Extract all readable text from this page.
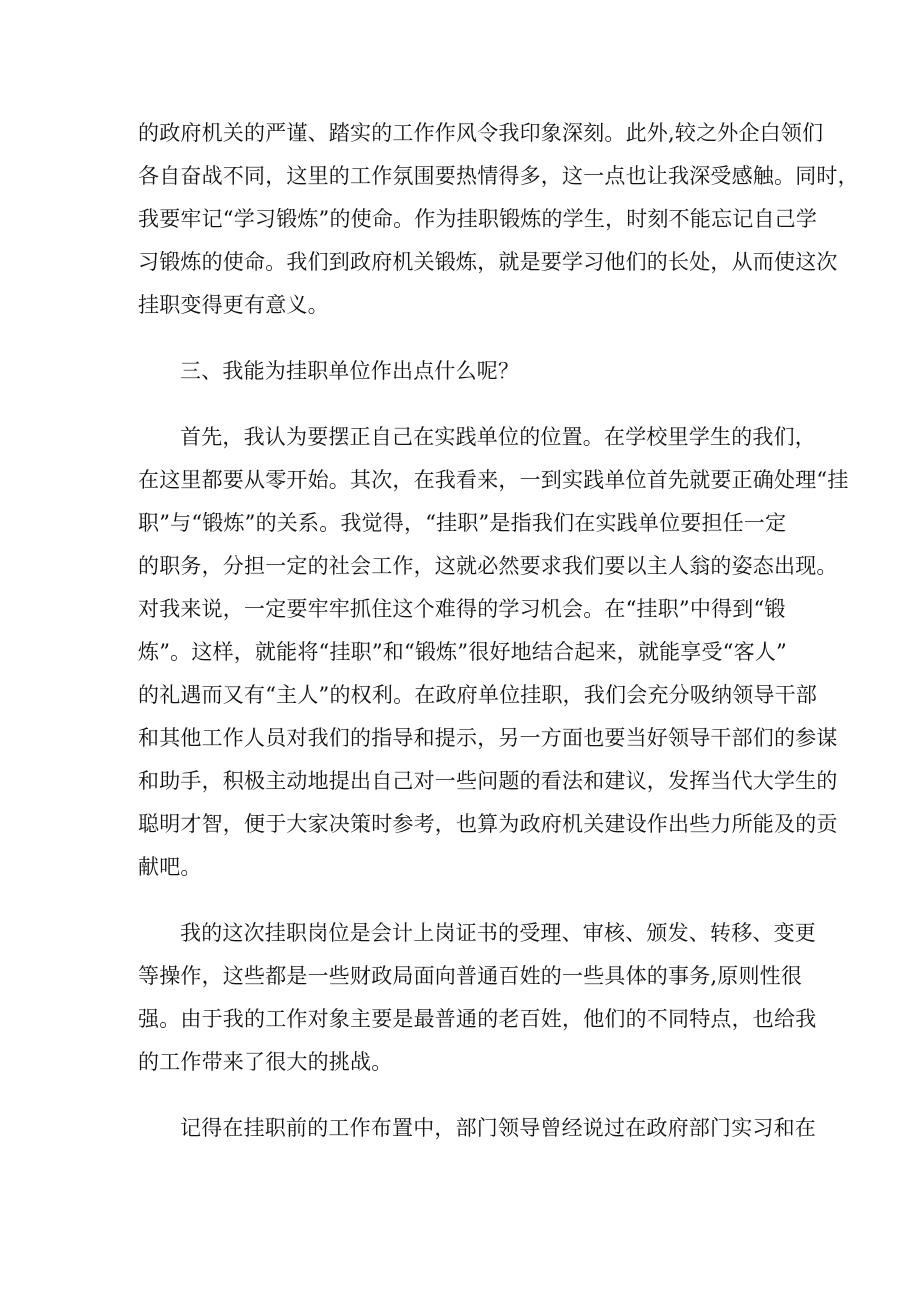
的政府机关的严谨、踏实的工作作风令我印象深刻。此外,较之外企白领们
各自奋战不同，这里的工作氛围要热情得多，这一点也让我深受感触。同时，
我要牢记“学习锻炼”的使命。作为挂职锻炼的学生，时刻不能忘记自己学
习锻炼的使命。我们到政府机关锻炼，就是要学习他们的长处，从而使这次
挂职变得更有意义。
三、我能为挂职单位作出点什么呢？
首先，我认为要摆正自己在实践单位的位置。在学校里学生的我们，
在这里都要从零开始。其次，在我看来，一到实践单位首先就要正确处理“挂
职”与“锻炼”的关系。我觉得，“挂职”是指我们在实践单位要担任一定
的职务，分担一定的社会工作，这就必然要求我们要以主人翁的姿态出现。
对我来说，一定要牢牢抓住这个难得的学习机会。在“挂职”中得到“锻
炼”。这样，就能将“挂职”和“锻炼”很好地结合起来，就能享受“客人”
的礼遇而又有“主人”的权利。在政府单位挂职，我们会充分吸纳领导干部
和其他工作人员对我们的指导和提示，另一方面也要当好领导干部们的参谋
和助手，积极主动地提出自己对一些问题的看法和建议，发挥当代大学生的
聪明才智，便于大家决策时参考，也算为政府机关建设作出些力所能及的贡
献吧。
我的这次挂职岗位是会计上岗证书的受理、审核、颁发、转移、变更
等操作，这些都是一些财政局面向普通百姓的一些具体的事务,原则性很
强。由于我的工作对象主要是最普通的老百姓，他们的不同特点，也给我
的工作带来了很大的挑战。
记得在挂职前的工作布置中，部门领导曾经说过在政府部门实习和在
